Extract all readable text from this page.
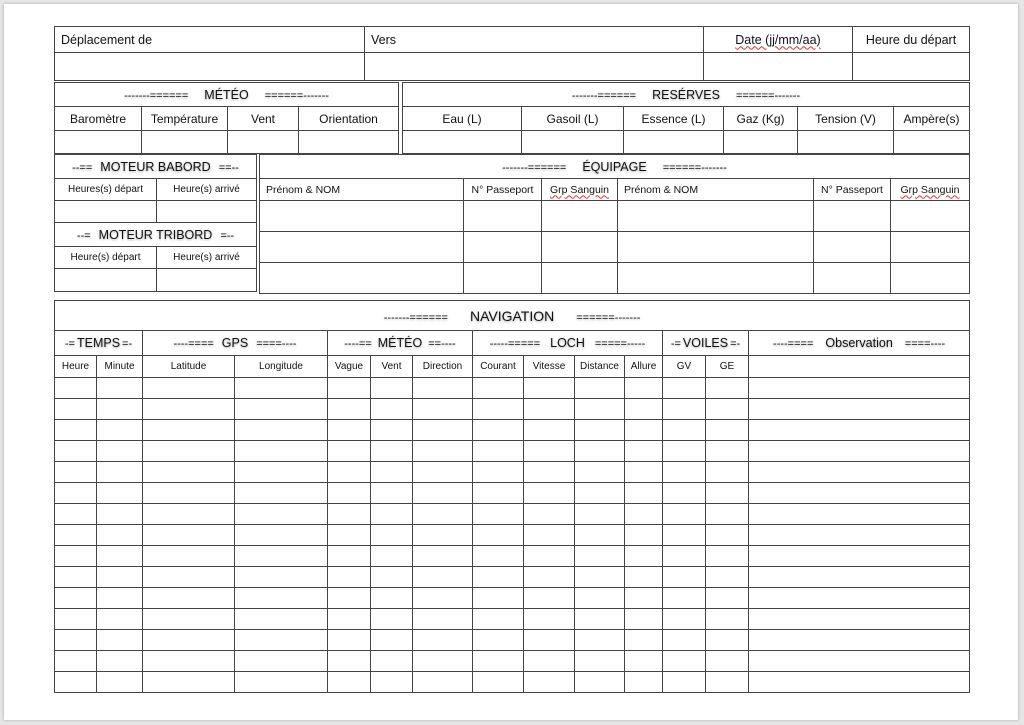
Déplacement de	Vers	Date (jj/mm/aa)	Heure du départ

-------====== MÉTÉO ======-------			
Baromètre	Température	Vent	Orientation

-------====== RESÉRVES ======-------					
Eau (L)	Gasoil (L)	Essence (L)	Gaz (Kg)	Tension (V)	Ampère(s)

--== MOTEUR BABORD ==--	
Heures(s) départ	Heure(s) arrivé

--= MOTEUR TRIBORD =--	
Heure(s) départ	Heure(s) arrivé

-------====== ÉQUIPAGE ======-------					
Prénom & NOM	N° Passeport	Grp Sanguin	Prénom & NOM	N° Passeport	Grp Sanguin

-------====== NAVIGATION ======-------													
-= TEMPS =-		----==== GPS ====----		----== MÉTÉO ==----			-----===== LOCH =====-----				-= VOILES =-		----==== Observation ====----
Heure	Minute	Latitude	Longitude	Vague	Vent	Direction	Courant	Vitesse	Distance	Allure	GV	GE	
